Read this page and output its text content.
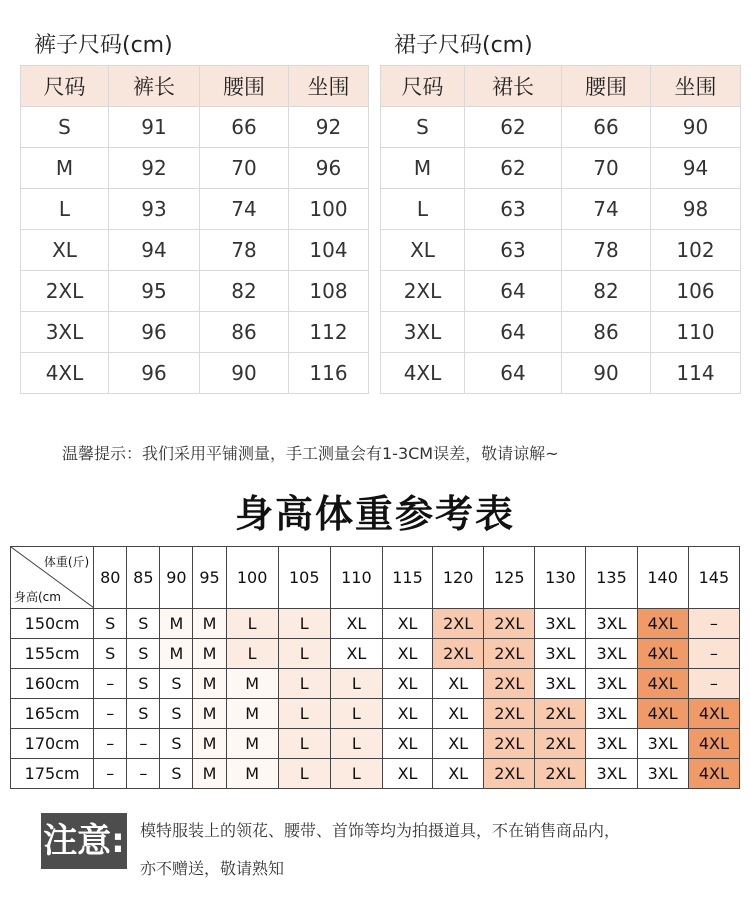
裤子尺码(cm)
尺码	裤长	腰围	坐围
S	91	66	92
M	92	70	96
L	93	74	100
XL	94	78	104
2XL	95	82	108
3XL	96	86	112
4XL	96	90	116
裙子尺码(cm)
尺码	裙长	腰围	坐围
S	62	66	90
M	62	70	94
L	63	74	98
XL	63	78	102
2XL	64	82	106
3XL	64	86	110
4XL	64	90	114
温馨提示：我们采用平铺测量，手工测量会有1-3CM误差，敬请谅解~
身高体重参考表
体重(斤)
身高(cm	80	85	90	95	100	105	110	115	120	125	130	135	140	145
150cm	S	S	M	M	L	L	XL	XL	2XL	2XL	3XL	3XL	4XL	–
155cm	S	S	M	M	L	L	XL	XL	2XL	2XL	3XL	3XL	4XL	–
160cm	–	S	S	M	M	L	L	XL	XL	2XL	3XL	3XL	4XL	–
165cm	–	S	S	M	M	L	L	XL	XL	2XL	2XL	3XL	4XL	4XL
170cm	–	–	S	M	M	L	L	XL	XL	2XL	2XL	3XL	3XL	4XL
175cm	–	–	S	M	M	L	L	XL	XL	2XL	2XL	3XL	3XL	4XL
注意: 模特服装上的领花、腰带、首饰等均为拍摄道具，不在销售商品内，
亦不赠送，敬请熟知
